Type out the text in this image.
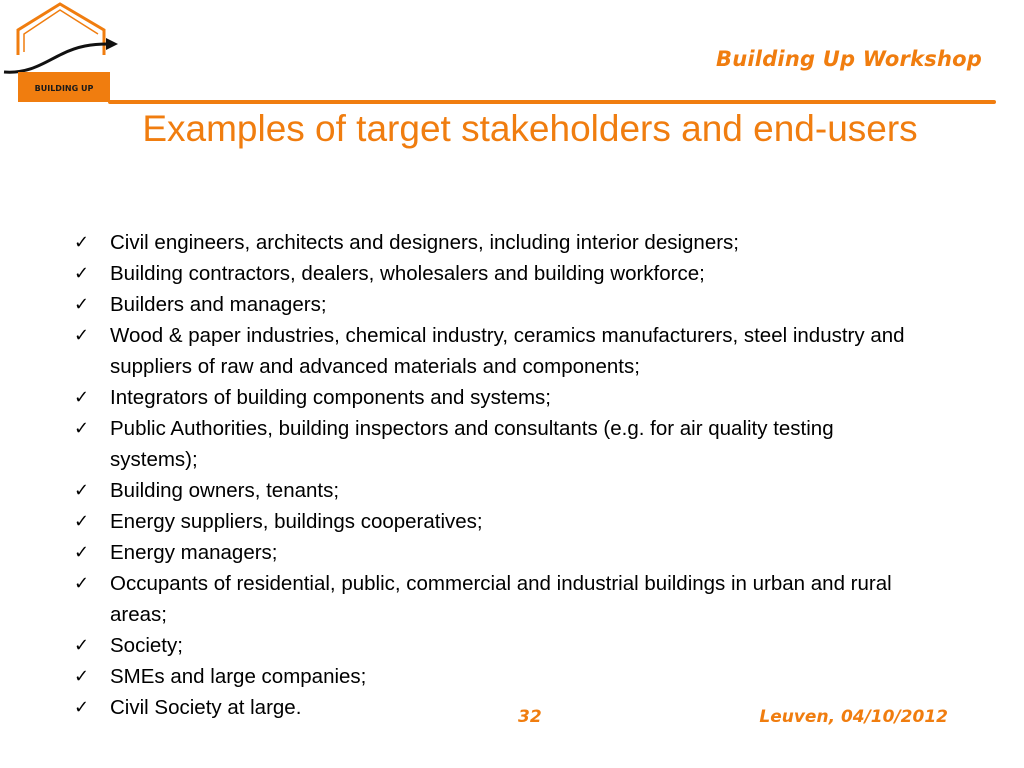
BUILDING UP
Building Up Workshop
Examples of target stakeholders and end-users
✓ Civil engineers, architects and designers, including interior designers;
✓ Building contractors, dealers, wholesalers and building workforce;
✓ Builders and managers;
✓ Wood & paper industries, chemical industry, ceramics manufacturers, steel industry and suppliers of raw and advanced materials and components;
✓ Integrators of building components and systems;
✓ Public Authorities, building inspectors and consultants (e.g. for air quality testing systems);
✓ Building owners, tenants;
✓ Energy suppliers, buildings cooperatives;
✓ Energy managers;
✓ Occupants of residential, public, commercial and industrial buildings in urban and rural areas;
✓ Society;
✓ SMEs and large companies;
✓ Civil Society at large.	32	Leuven, 04/10/2012
